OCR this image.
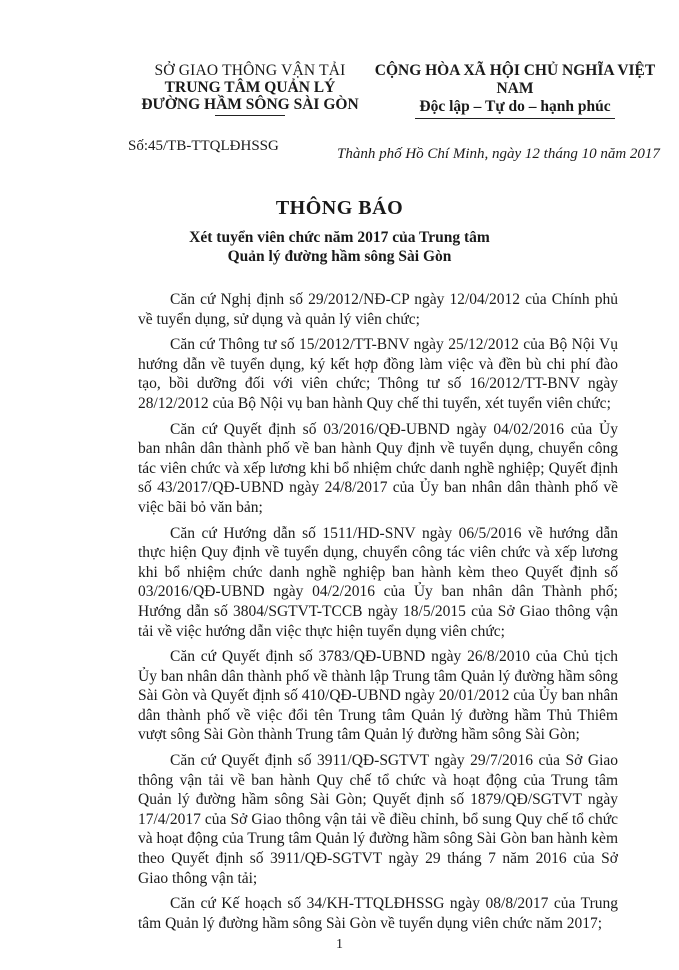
SỞ GIAO THÔNG VẬN TẢI
TRUNG TÂM QUẢN LÝ
ĐƯỜNG HẦM SÔNG SÀI GÒN
CỘNG HÒA XÃ HỘI CHỦ NGHĨA VIỆT NAM
Độc lập – Tự do – hạnh phúc
Số:45/TB-TTQLĐHSSG	Thành phố Hồ Chí Minh, ngày 12 tháng 10 năm 2017
THÔNG BÁO
Xét tuyển viên chức năm 2017 của Trung tâm
Quản lý đường hầm sông Sài Gòn

Căn cứ Nghị định số 29/2012/NĐ-CP ngày 12/04/2012 của Chính phủ về tuyển dụng, sử dụng và quản lý viên chức;

Căn cứ Thông tư số 15/2012/TT-BNV ngày 25/12/2012 của Bộ Nội Vụ hướng dẫn về tuyển dụng, ký kết hợp đồng làm việc và đền bù chi phí đào tạo, bồi dưỡng đối với viên chức; Thông tư số 16/2012/TT-BNV ngày 28/12/2012 của Bộ Nội vụ ban hành Quy chế thi tuyển, xét tuyển viên chức;

Căn cứ Quyết định số 03/2016/QĐ-UBND ngày 04/02/2016 của Ủy ban nhân dân thành phố về ban hành Quy định về tuyển dụng, chuyển công tác viên chức và xếp lương khi bổ nhiệm chức danh nghề nghiệp; Quyết định số 43/2017/QĐ-UBND ngày 24/8/2017 của Ủy ban nhân dân thành phố về việc bãi bỏ văn bản;

Căn cứ Hướng dẫn số 1511/HD-SNV ngày 06/5/2016 về hướng dẫn thực hiện Quy định về tuyển dụng, chuyển công tác viên chức và xếp lương khi bổ nhiệm chức danh nghề nghiệp ban hành kèm theo Quyết định số 03/2016/QĐ-UBND ngày 04/2/2016 của Ủy ban nhân dân Thành phố; Hướng dẫn số 3804/SGTVT-TCCB ngày 18/5/2015 của Sở Giao thông vận tải về việc hướng dẫn việc thực hiện tuyển dụng viên chức;

Căn cứ Quyết định số 3783/QĐ-UBND ngày 26/8/2010 của Chủ tịch Ủy ban nhân dân thành phố về thành lập Trung tâm Quản lý đường hầm sông Sài Gòn và Quyết định số 410/QĐ-UBND ngày 20/01/2012 của Ủy ban nhân dân thành phố về việc đổi tên Trung tâm Quản lý đường hầm Thủ Thiêm vượt sông Sài Gòn thành Trung tâm Quản lý đường hầm sông Sài Gòn;

Căn cứ Quyết định số 3911/QĐ-SGTVT ngày 29/7/2016 của Sở Giao thông vận tải về ban hành Quy chế tổ chức và hoạt động của Trung tâm Quản lý đường hầm sông Sài Gòn; Quyết định số 1879/QĐ/SGTVT ngày 17/4/2017 của Sở Giao thông vận tải về điều chỉnh, bổ sung Quy chế tổ chức và hoạt động của Trung tâm Quản lý đường hầm sông Sài Gòn ban hành kèm theo Quyết định số 3911/QĐ-SGTVT ngày 29 tháng 7 năm 2016 của Sở Giao thông vận tải;

Căn cứ Kế hoạch số 34/KH-TTQLĐHSSG ngày 08/8/2017 của Trung tâm Quản lý đường hầm sông Sài Gòn về tuyển dụng viên chức năm 2017;

1
